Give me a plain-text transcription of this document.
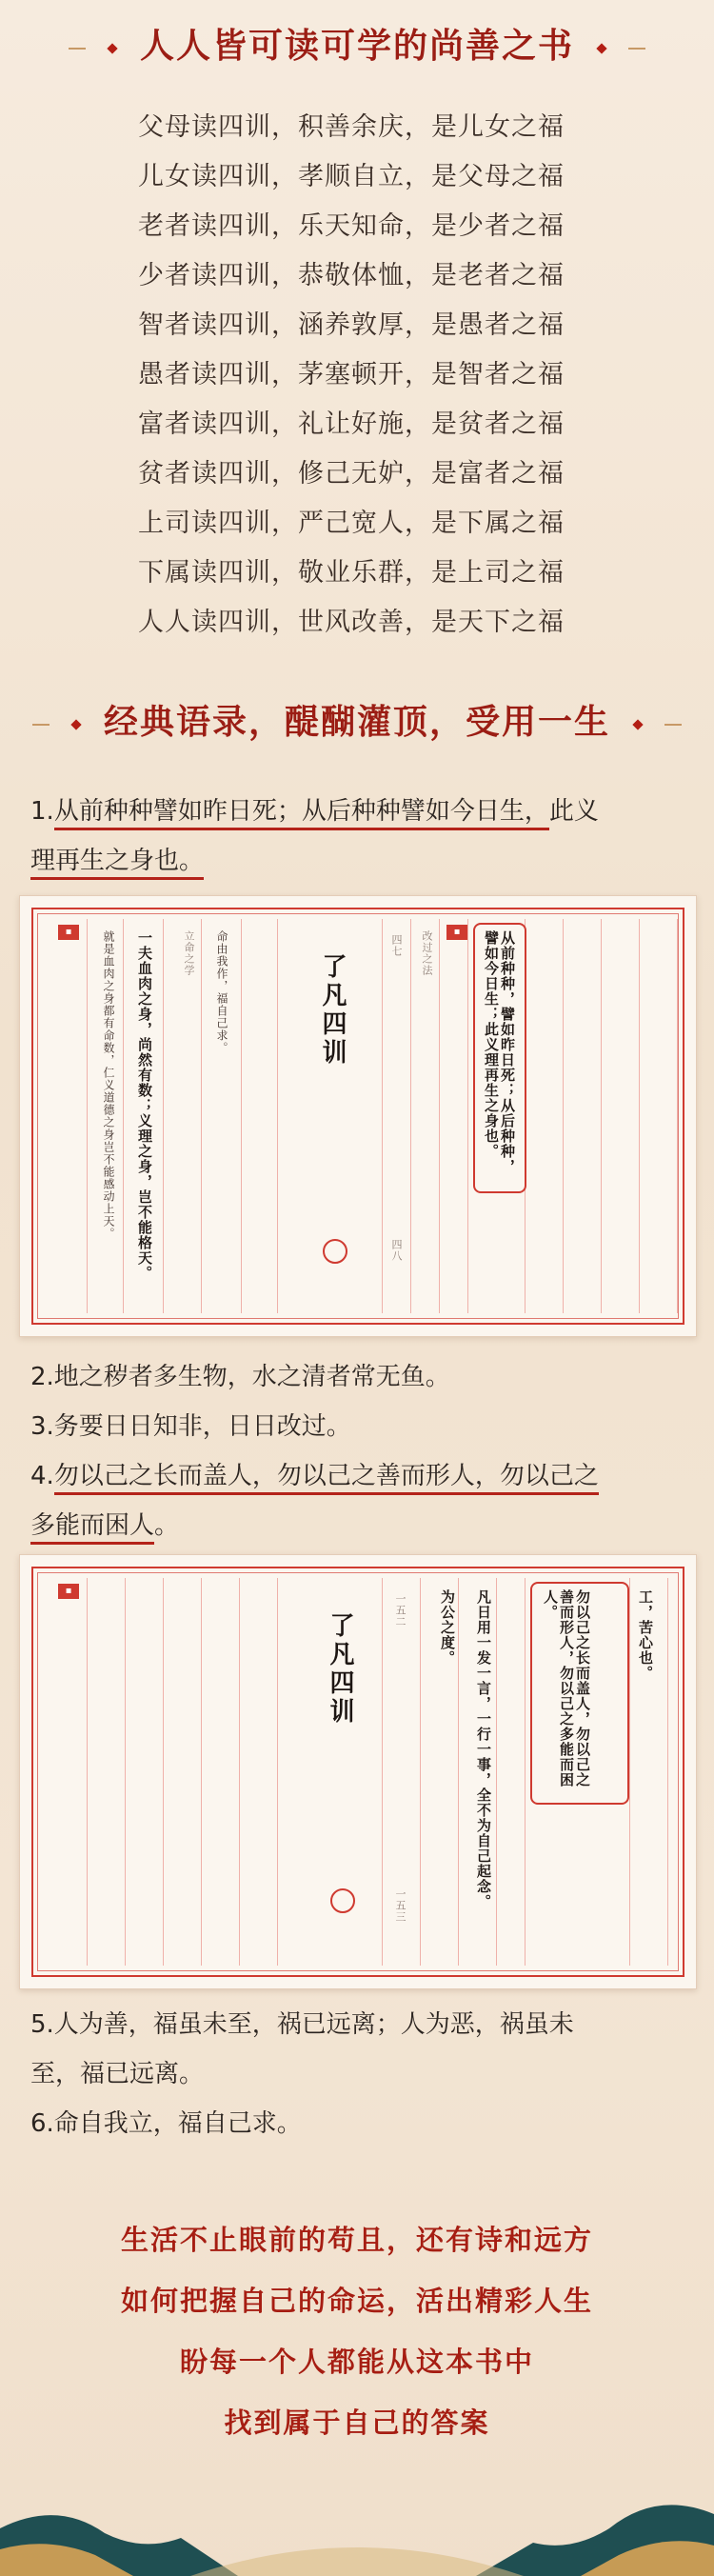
人人皆可读可学的尚善之书
父母读四训，积善余庆，是儿女之福
儿女读四训，孝顺自立，是父母之福
老者读四训，乐天知命，是少者之福
少者读四训，恭敬体恤，是老者之福
智者读四训，涵养敦厚，是愚者之福
愚者读四训，茅塞顿开，是智者之福
富者读四训，礼让好施，是贫者之福
贫者读四训，修己无妒，是富者之福
上司读四训，严己宽人，是下属之福
下属读四训，敬业乐群，是上司之福
人人读四训，世风改善，是天下之福
经典语录，醍醐灌顶，受用一生
1.从前种种譬如昨日死；从后种种譬如今日生，此义
理再生之身也。
▪	就是血肉之身都有命数，仁义道德之身岂不能感动上天。 一夫血肉之身，尚然有数；义理之身，岂不能格天。	立命之学 命由我作，福自己求。	了凡四训
四七
四八
改过之法	▪	从前种种，譬如昨日死；从后种种，譬如今日生；此义理再生之身也。
2.地之秽者多生物，水之清者常无鱼。
3.务要日日知非，日日改过。
4.勿以己之长而盖人，勿以己之善而形人，勿以己之
多能而困人。
▪
了凡四训
一五二
一五三
为公之度。 凡日用一发一言，一行一事，全不为自己起念。	勿以己之长而盖人，勿以己之善而形人，勿以己之多能而困人。	工，苦心也。
5.人为善，福虽未至，祸已远离；人为恶，祸虽未
至，福已远离。
6.命自我立，福自己求。
生活不止眼前的苟且，还有诗和远方
如何把握自己的命运，活出精彩人生
盼每一个人都能从这本书中
找到属于自己的答案
